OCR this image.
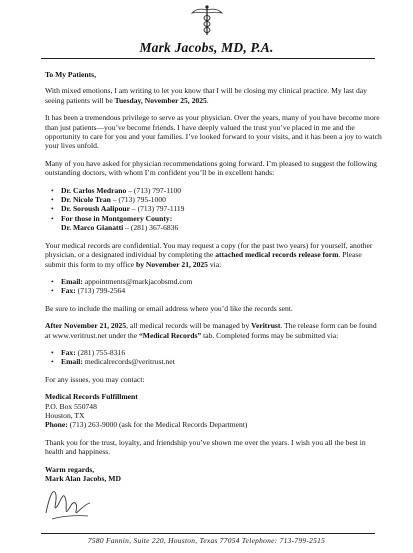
Mark Jacobs, MD, P.A.

To My Patients,

With mixed emotions, I am writing to let you know that I will be closing my clinical practice. My last day seeing patients will be Tuesday, November 25, 2025.

It has been a tremendous privilege to serve as your physician. Over the years, many of you have become more than just patients—you’ve become friends. I have deeply valued the trust you’ve placed in me and the opportunity to care for you and your families. I’ve looked forward to your visits, and it has been a joy to watch your lives unfold.

Many of you have asked for physician recommendations going forward. I’m pleased to suggest the following outstanding doctors, with whom I’m confident you’ll be in excellent hands:

• Dr. Carlos Medrano – (713) 797-1100
• Dr. Nicole Tran – (713) 795-1000
• Dr. Soroush Aalipour – (713) 797-1119
• For those in Montgomery County:
Dr. Marco Gianatti – (281) 367-6836

Your medical records are confidential. You may request a copy (for the past two years) for yourself, another physician, or a designated individual by completing the attached medical records release form. Please submit this form to my office by November 21, 2025 via:

• Email: appointments@markjacobsmd.com
• Fax: (713) 799-2564

Be sure to include the mailing or email address where you’d like the records sent.

After November 21, 2025, all medical records will be managed by Veritrust. The release form can be found at www.veritrust.net under the “Medical Records” tab. Completed forms may be submitted via:

• Fax: (281) 755-8316
• Email: medicalrecords@veritrust.net

For any issues, you may contact:

Medical Records Fulfillment
P.O. Box 550748
Houston, TX
Phone: (713) 263-9000 (ask for the Medical Records Department)

Thank you for the trust, loyalty, and friendship you’ve shown me over the years. I wish you all the best in health and happiness.

Warm regards,
Mark Alan Jacobs, MD

7580 Fannin, Suite 220, Houston, Texas 77054 Telephone: 713-799-2515
